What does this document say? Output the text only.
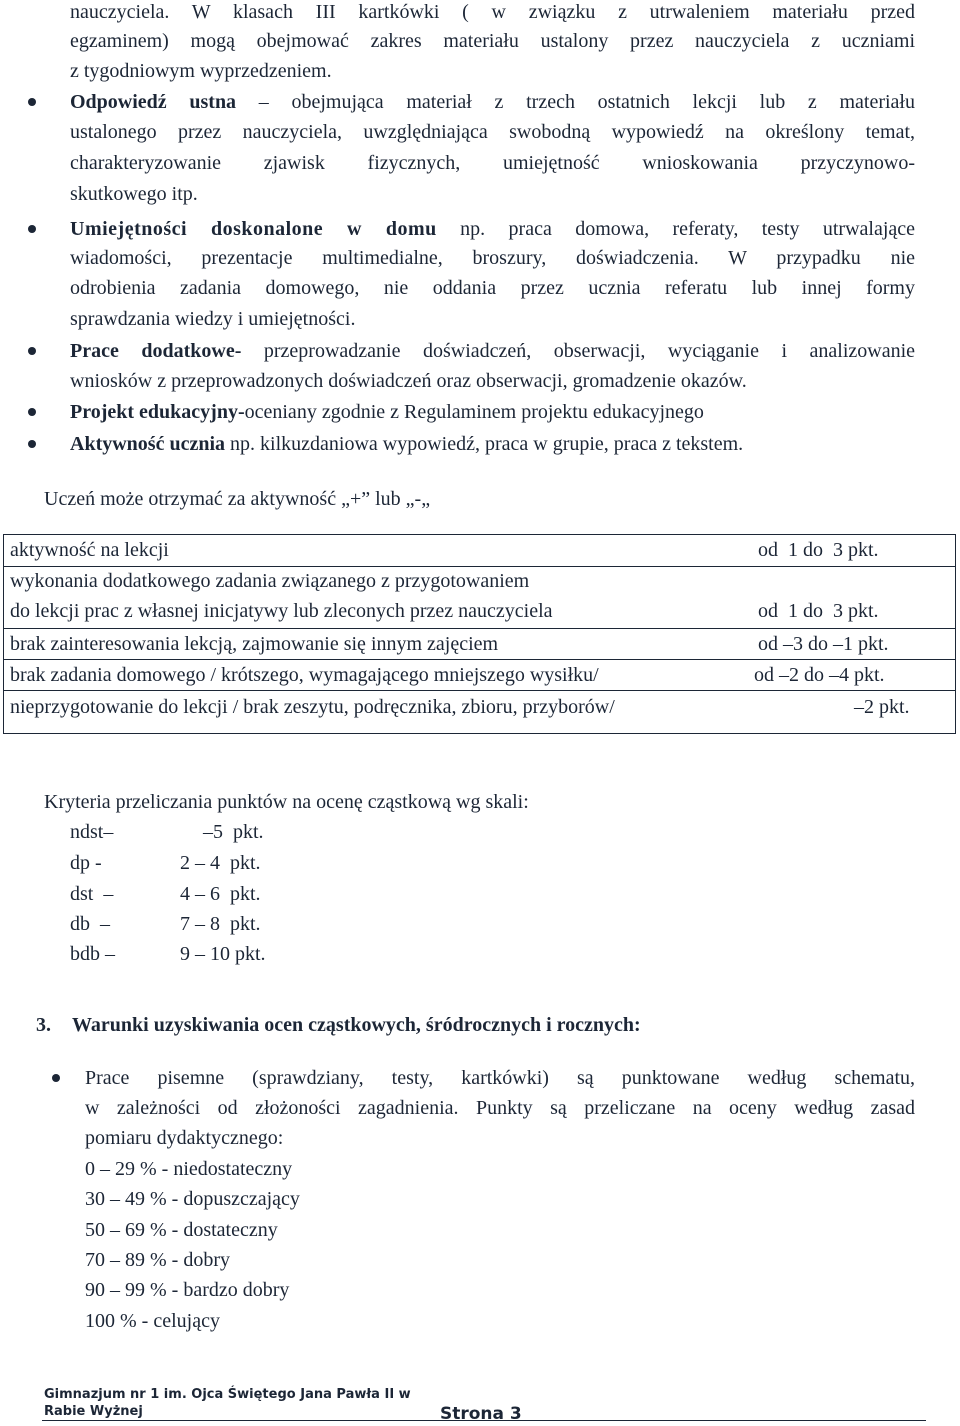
nauczyciela. W klasach III kartkówki ( w związku z utrwaleniem materiału przed
egzaminem) mogą obejmować zakres materiału ustalony przez nauczyciela z uczniami
z tygodniowym wyprzedzeniem.
Odpowiedź ustna – obejmująca materiał z trzech ostatnich lekcji lub z materiału
ustalonego przez nauczyciela, uwzględniająca swobodną wypowiedź na określony temat,
charakteryzowanie zjawisk fizycznych, umiejętność wnioskowania przyczynowo-
skutkowego itp.
Umiejętności doskonalone w domu np. praca domowa, referaty, testy utrwalające
wiadomości, prezentacje multimedialne, broszury, doświadczenia. W przypadku nie
odrobienia zadania domowego, nie oddania przez ucznia referatu lub innej formy
sprawdzania wiedzy i umiejętności.
Prace dodatkowe- przeprowadzanie doświadczeń, obserwacji, wyciąganie i analizowanie
wniosków z przeprowadzonych doświadczeń oraz obserwacji, gromadzenie okazów.
Projekt edukacyjny-oceniany zgodnie z Regulaminem projektu edukacyjnego
Aktywność ucznia np. kilkuzdaniowa wypowiedź, praca w grupie, praca z tekstem.
Uczeń może otrzymać za aktywność „+” lub „-„
aktywność na lekcji	od  1 do  3 pkt.
wykonania dodatkowego zadania związanego z przygotowaniem
do lekcji prac z własnej inicjatywy lub zleconych przez nauczyciela	od  1 do  3 pkt.
brak zainteresowania lekcją, zajmowanie się innym zajęciem	od –3 do –1 pkt.
brak zadania domowego / krótszego, wymagającego mniejszego wysiłku/	od –2 do –4 pkt.
nieprzygotowanie do lekcji / brak zeszytu, podręcznika, zbioru, przyborów/	–2 pkt.
Kryteria przeliczania punktów na ocenę cząstkową wg skali:
ndst–	–5  pkt.
dp -	2 – 4  pkt.
dst  –	4 – 6  pkt.
db  –	7 – 8  pkt.
bdb –	9 – 10 pkt.
3. Warunki uzyskiwania ocen cząstkowych, śródrocznych i rocznych:
Prace pisemne (sprawdziany, testy, kartkówki) są punktowane według schematu,
w zależności od złożoności zagadnienia. Punkty są przeliczane na oceny według zasad
pomiaru dydaktycznego:
0 – 29 % - niedostateczny
30 – 49 % - dopuszczający
50 – 69 % - dostateczny
70 – 89 % - dobry
90 – 99 % - bardzo dobry
100 % - celujący
Gimnazjum nr 1 im. Ojca Świętego Jana Pawła II w
Rabie Wyżnej	Strona 3
